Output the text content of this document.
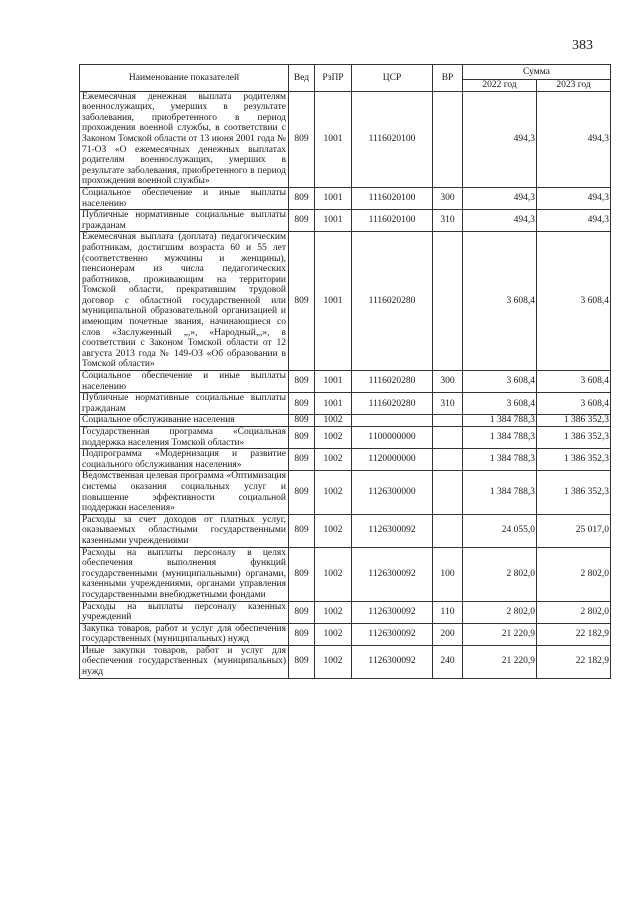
383
Наименование показателей	Вед	РзПР	ЦСР	ВР	Сумма	
					2022 год	2023 год
Ежемесячная денежная выплата родителям военнослужащих, умерших в результате заболевания, приобретенного в период прохождения военной службы, в соответствии с Законом Томской области от 13 июня 2001 года № 71-ОЗ «О ежемесячных денежных выплатах родителям военнослужащих, умерших в результате заболевания, приобретенного в период прохождения военной службы»	809	1001	1116020100		494,3	494,3
Социальное обеспечение и иные выплаты населению	809	1001	1116020100	300	494,3	494,3
Публичные нормативные социальные выплаты гражданам	809	1001	1116020100	310	494,3	494,3
Ежемесячная выплата (доплата) педагогическим работникам, достигшим возраста 60 и 55 лет (соответственно мужчины и женщины), пенсионерам из числа педагогических работников, проживающим на территории Томской области, прекратившим трудовой договор с областной государственной или муниципальной образовательной организацией и имеющим почетные звания, начинающиеся со слов «Заслуженный „,», «Народный„,», в соответствии с Законом Томской области от 12 августа 2013 года № 149-ОЗ «Об образовании в Томской области»	809	1001	1116020280		3 608,4	3 608,4
Социальное обеспечение и иные выплаты населению	809	1001	1116020280	300	3 608,4	3 608,4
Публичные нормативные социальные выплаты гражданам	809	1001	1116020280	310	3 608,4	3 608,4
Социальное обслуживание населения	809	1002			1 384 788,3	1 386 352,3
Государственная программа «Социальная поддержка населения Томской области»	809	1002	1100000000		1 384 788,3	1 386 352,3
Подпрограмма «Модернизация и развитие социального обслуживания населения»	809	1002	1120000000		1 384 788,3	1 386 352,3
Ведомственная целевая программа «Оптимизация системы оказания социальных услуг и повышение эффективности социальной поддержки населения»	809	1002	1126300000		1 384 788,3	1 386 352,3
Расходы за счет доходов от платных услуг, оказываемых областными государственными казенными учреждениями	809	1002	1126300092		24 055,0	25 017,0
Расходы на выплаты персоналу в целях обеспечения выполнения функций государственными (муниципальными) органами, казенными учреждениями, органами управления государственными внебюджетными фондами	809	1002	1126300092	100	2 802,0	2 802,0
Расходы на выплаты персоналу казенных учреждений	809	1002	1126300092	110	2 802,0	2 802,0
Закупка товаров, работ и услуг для обеспечения государственных (муниципальных) нужд	809	1002	1126300092	200	21 220,9	22 182,9
Иные закупки товаров, работ и услуг для обеспечения государственных (муниципальных) нужд	809	1002	1126300092	240	21 220,9	22 182,9
